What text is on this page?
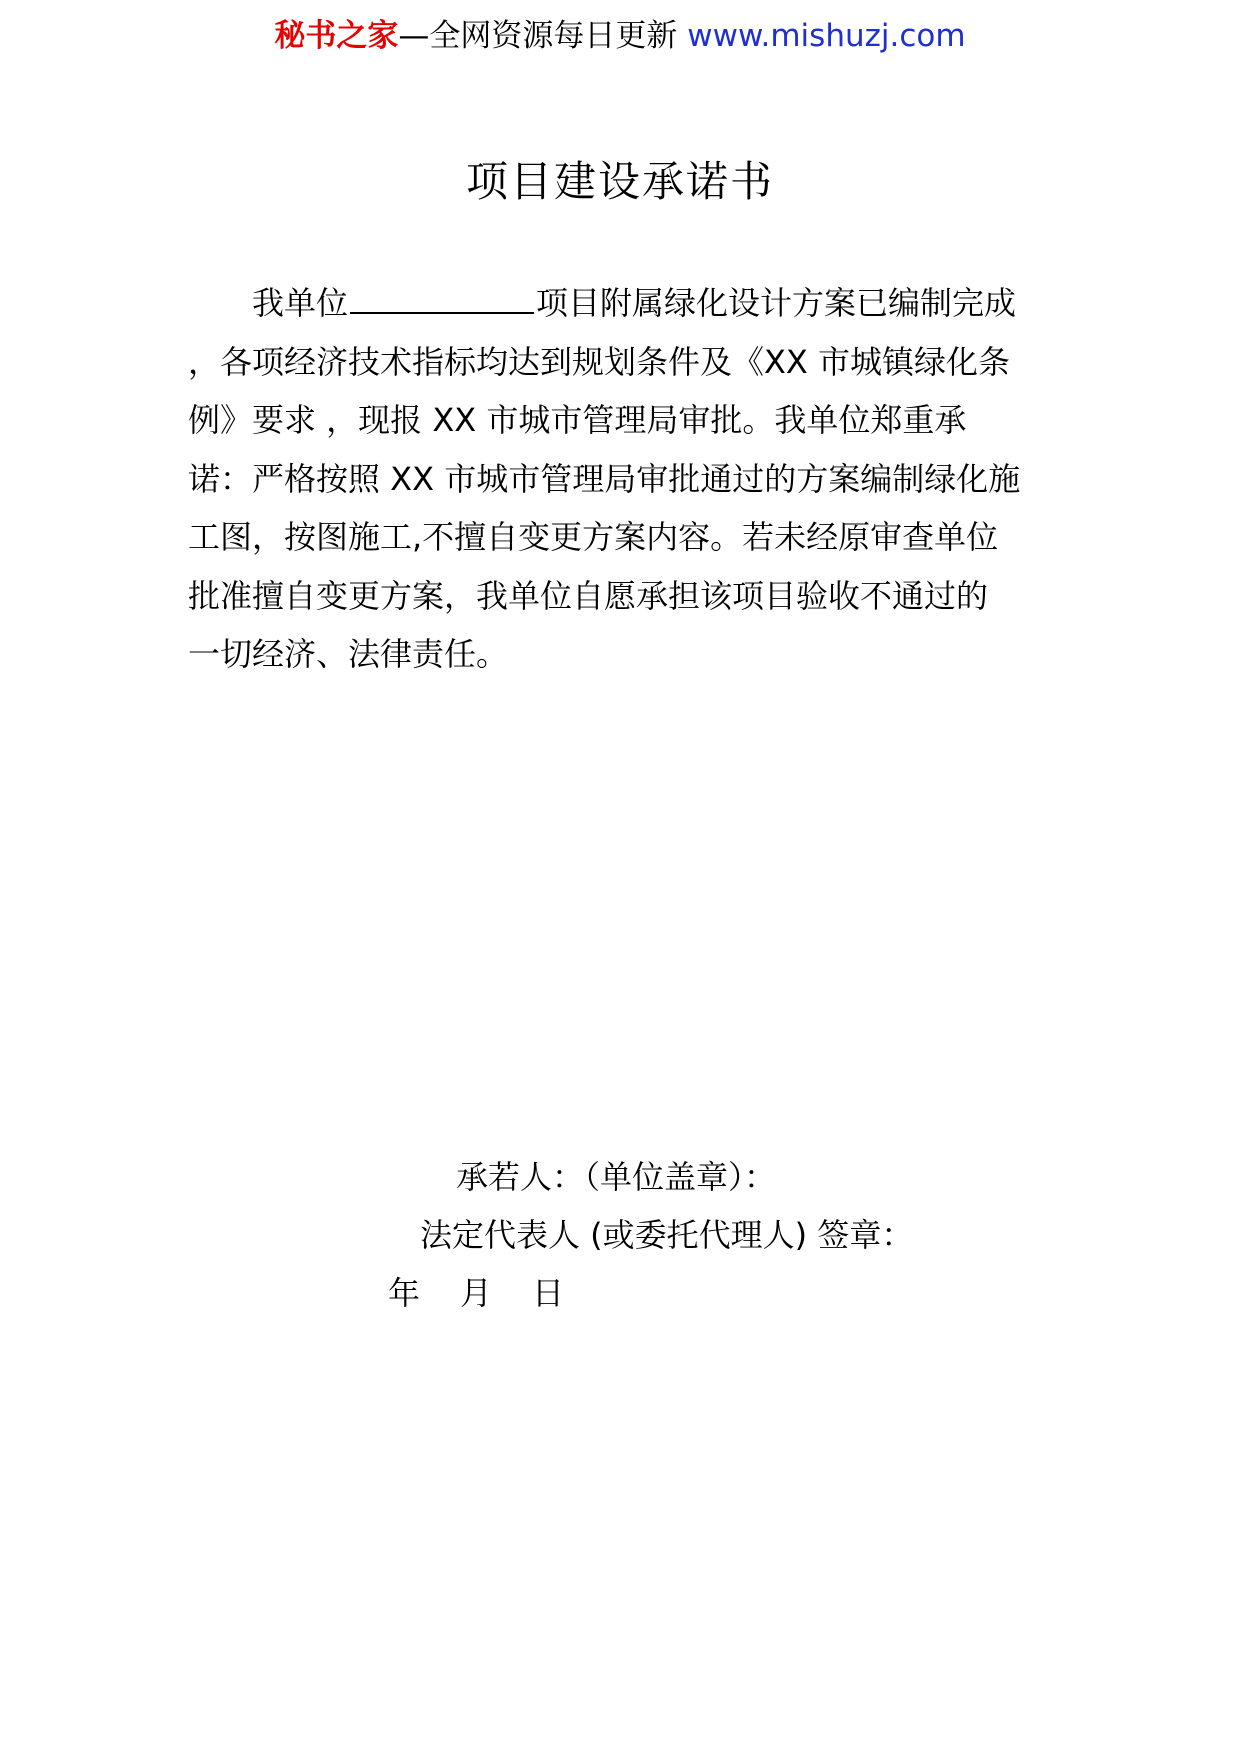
秘书之家—全网资源每日更新 www.mishuzj.com
项目建设承诺书
我单位	项目附属绿化设计方案已编制完成
，各项经济技术指标均达到规划条件及《XX 市城镇绿化条
例》要求 ，现报 XX 市城市管理局审批。我单位郑重承
诺：严格按照 XX 市城市管理局审批通过的方案编制绿化施
工图，按图施工,不擅自变更方案内容。若未经原审查单位
批准擅自变更方案，我单位自愿承担该项目验收不通过的
一切经济、法律责任。
承若人：（单位盖章）：
法定代表人 (或委托代理人) 签章：
年 月 日
